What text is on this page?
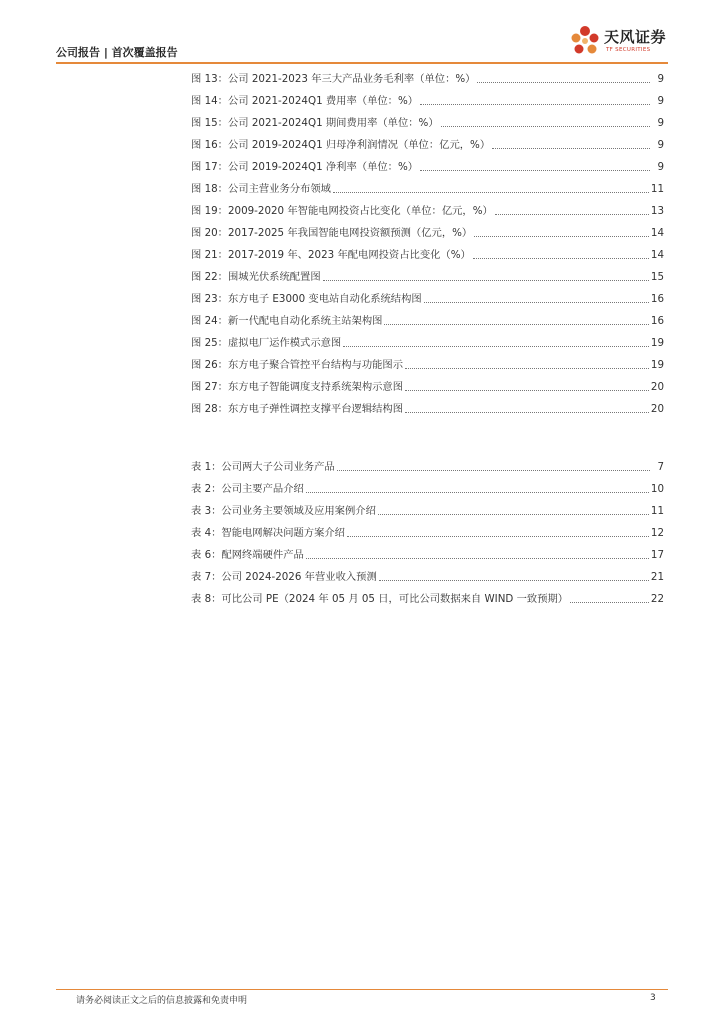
公司报告 | 首次覆盖报告
天风证券
TF SECURITIES
图 13：公司 2021-2023 年三大产品业务毛利率（单位：%）	9
图 14：公司 2021-2024Q1 费用率（单位：%）	9
图 15：公司 2021-2024Q1 期间费用率（单位：%）	9
图 16：公司 2019-2024Q1 归母净利润情况（单位：亿元，%）	9
图 17：公司 2019-2024Q1 净利率（单位：%）	9
图 18：公司主营业务分布领域	11
图 19：2009-2020 年智能电网投资占比变化（单位：亿元，%）	13
图 20：2017-2025 年我国智能电网投资额预测（亿元，%）	14
图 21：2017-2019 年、2023 年配电网投资占比变化（%）	14
图 22：围城光伏系统配置图	15
图 23：东方电子 E3000 变电站自动化系统结构图	16
图 24：新一代配电自动化系统主站架构图	16
图 25：虚拟电厂运作模式示意图	19
图 26：东方电子聚合管控平台结构与功能图示	19
图 27：东方电子智能调度支持系统架构示意图	20
图 28：东方电子弹性调控支撑平台逻辑结构图	20
表 1：公司两大子公司业务产品	7
表 2：公司主要产品介绍	10
表 3：公司业务主要领域及应用案例介绍	11
表 4：智能电网解决问题方案介绍	12
表 6：配网终端硬件产品	17
表 7：公司 2024-2026 年营业收入预测	21
表 8：可比公司 PE（2024 年 05 月 05 日，可比公司数据来自 WIND 一致预期）	22
请务必阅读正文之后的信息披露和免责申明	3
